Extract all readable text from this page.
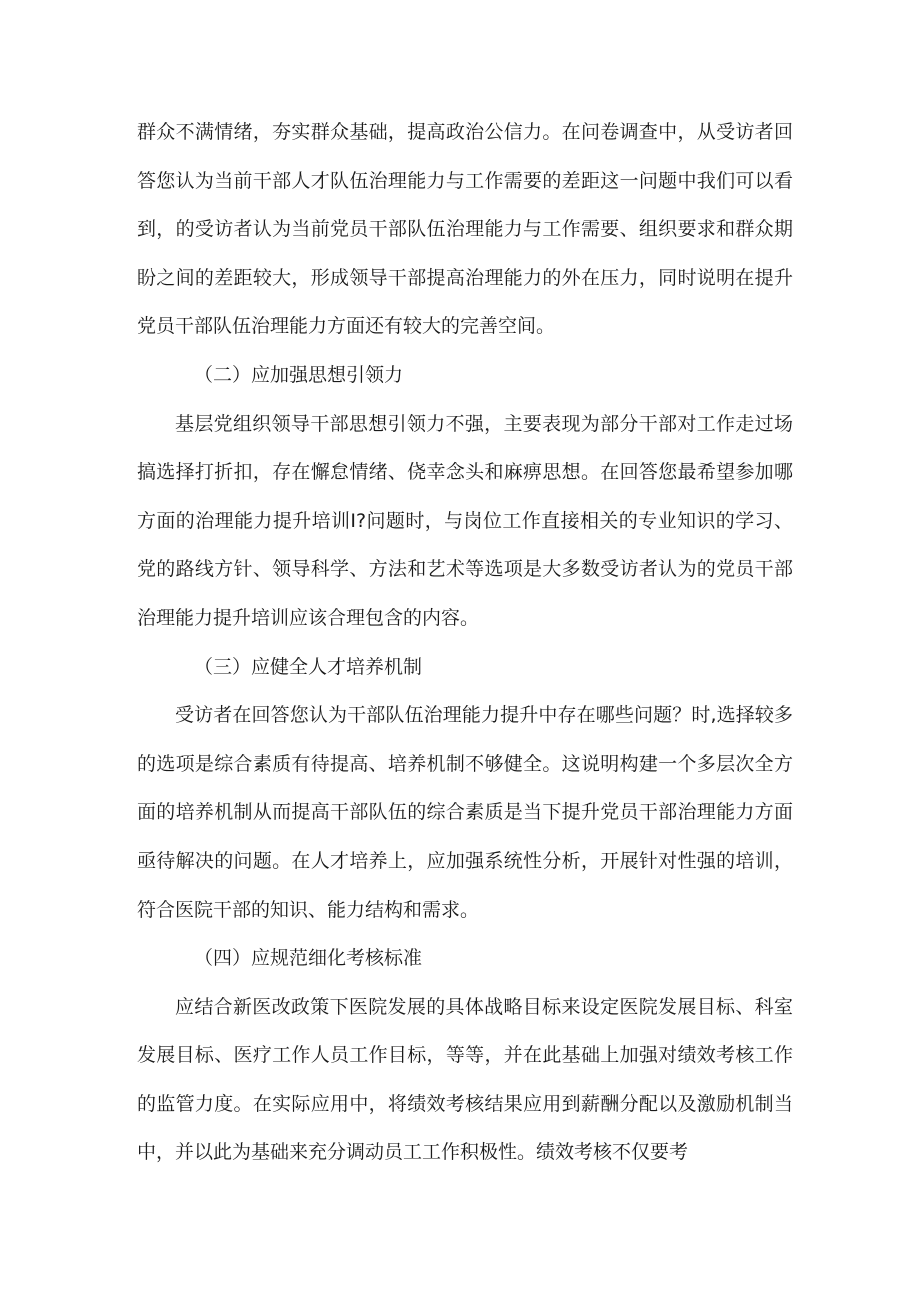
群众不满情绪，夯实群众基础，提高政治公信力。在问卷调查中，从受访者回答您认为当前干部人才队伍治理能力与工作需要的差距这一问题中我们可以看到，的受访者认为当前党员干部队伍治理能力与工作需要、组织要求和群众期盼之间的差距较大，形成领导干部提高治理能力的外在压力，同时说明在提升党员干部队伍治理能力方面还有较大的完善空间。

（二）应加强思想引领力

基层党组织领导干部思想引领力不强，主要表现为部分干部对工作走过场搞选择打折扣，存在懈怠情绪、侥幸念头和麻痹思想。在回答您最希望参加哪方面的治理能力提升培训I?问题时，与岗位工作直接相关的专业知识的学习、党的路线方针、领导科学、方法和艺术等选项是大多数受访者认为的党员干部治理能力提升培训应该合理包含的内容。

（三）应健全人才培养机制

受访者在回答您认为干部队伍治理能力提升中存在哪些问题？时,选择较多的选项是综合素质有待提高、培养机制不够健全。这说明构建一个多层次全方面的培养机制从而提高干部队伍的综合素质是当下提升党员干部治理能力方面亟待解决的问题。在人才培养上，应加强系统性分析，开展针对性强的培训，符合医院干部的知识、能力结构和需求。

（四）应规范细化考核标准

应结合新医改政策下医院发展的具体战略目标来设定医院发展目标、科室发展目标、医疗工作人员工作目标，等等，并在此基础上加强对绩效考核工作的监管力度。在实际应用中，将绩效考核结果应用到薪酬分配以及激励机制当中，并以此为基础来充分调动员工工作积极性。绩效考核不仅要考
